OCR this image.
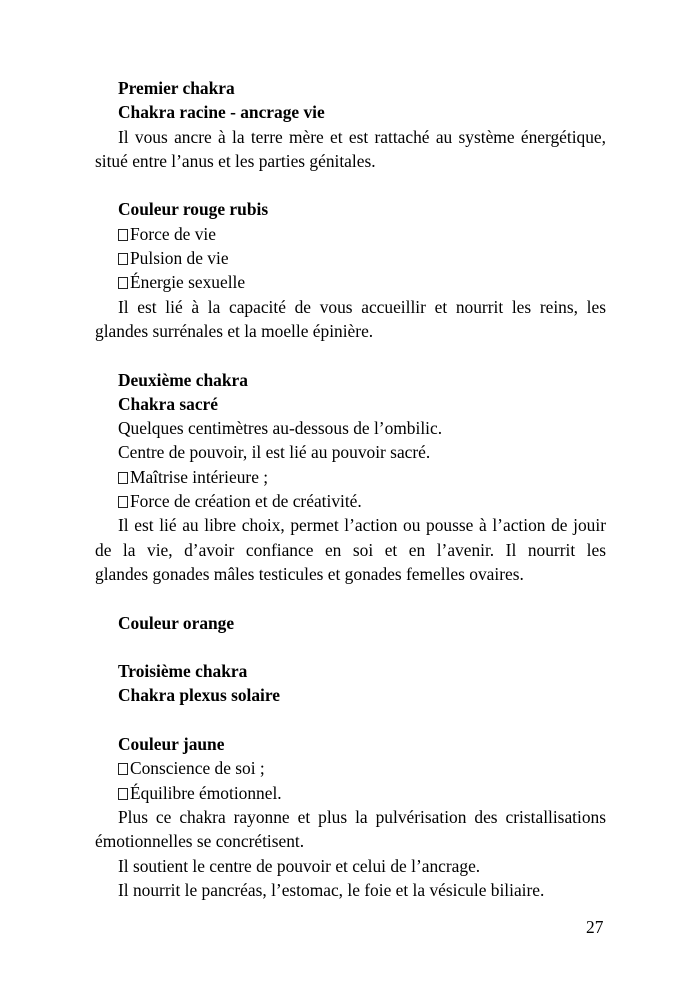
Premier chakra
Chakra racine - ancrage vie
Il vous ancre à la terre mère et est rattaché au système énergétique,
situé entre l’anus et les parties génitales.
Couleur rouge rubis
Force de vie
Pulsion de vie
Énergie sexuelle
Il est lié à la capacité de vous accueillir et nourrit les reins, les
glandes surrénales et la moelle épinière.
Deuxième chakra
Chakra sacré
Quelques centimètres au-dessous de l’ombilic.
Centre de pouvoir, il est lié au pouvoir sacré.
Maîtrise intérieure ;
Force de création et de créativité.
Il est lié au libre choix, permet l’action ou pousse à l’action de jouir
de la vie, d’avoir confiance en soi et en l’avenir. Il nourrit les
glandes gonades mâles testicules et gonades femelles ovaires.
Couleur orange
Troisième chakra
Chakra plexus solaire
Couleur jaune
Conscience de soi ;
Équilibre émotionnel.
Plus ce chakra rayonne et plus la pulvérisation des cristallisations
émotionnelles se concrétisent.
Il soutient le centre de pouvoir et celui de l’ancrage.
Il nourrit le pancréas, l’estomac, le foie et la vésicule biliaire.
27
